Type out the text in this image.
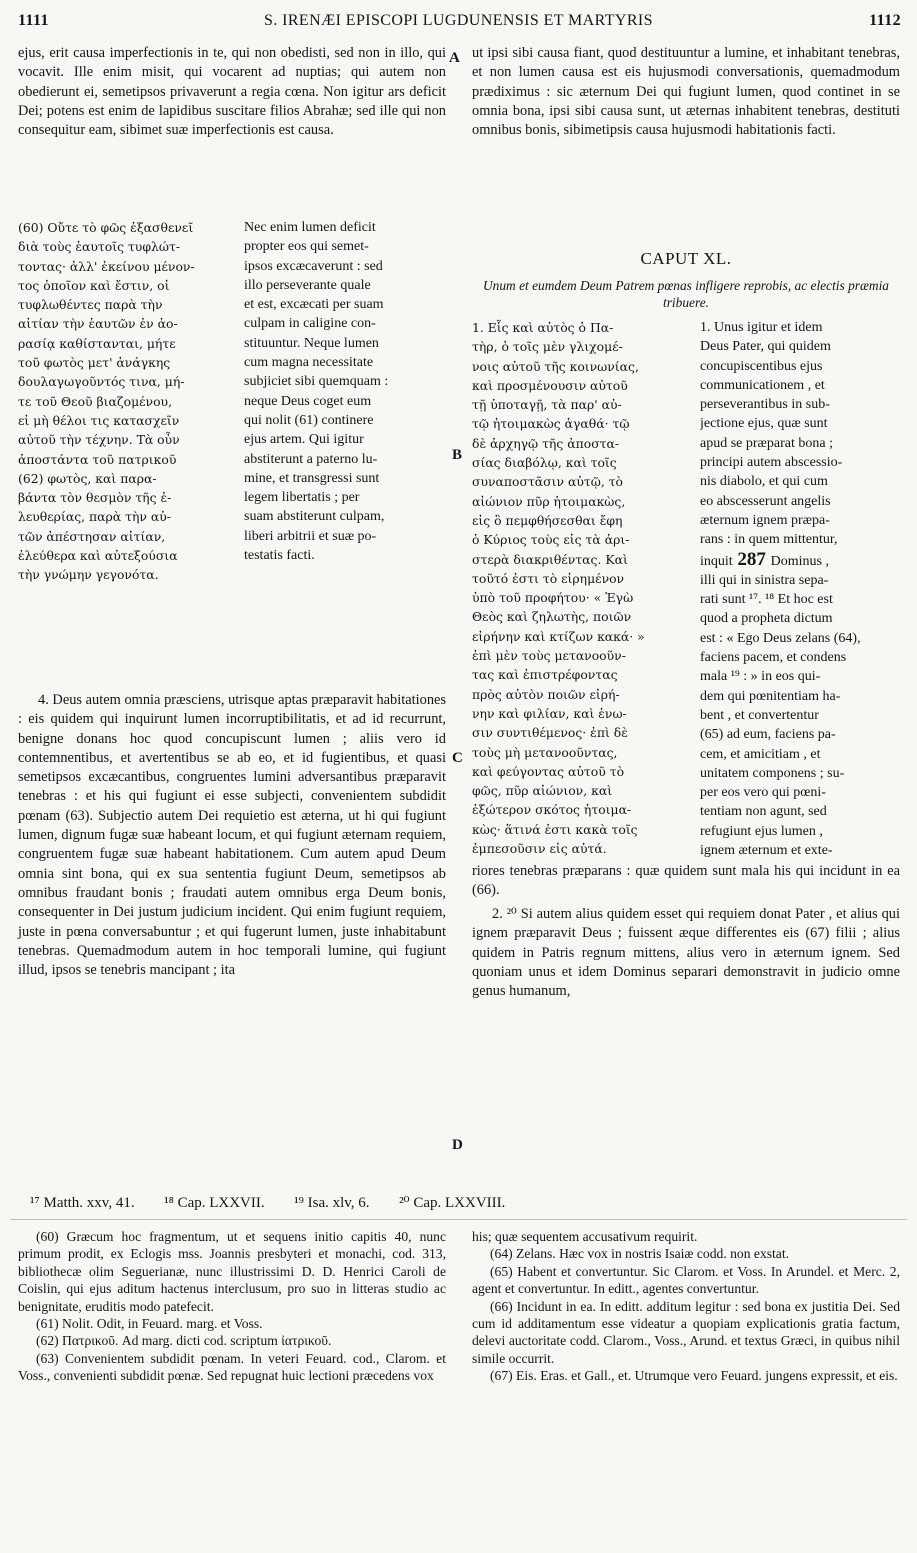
1111	S. IRENÆI EPISCOPI LUGDUNENSIS ET MARTYRIS	1112
A
B
C
D

ejus, erit causa imperfectionis in te, qui non obedisti, sed non in illo, qui vocavit. Ille enim misit, qui vocarent ad nuptias; qui autem non obedierunt ei, semetipsos privaverunt a regia cœna. Non igitur ars deficit Dei; potens est enim de lapidibus suscitare filios Abrahæ; sed ille qui non consequitur eam, sibimet suæ imperfectionis est causa.

(60) Οὔτε τὸ φῶς ἐξασθενεῖ
διὰ τοὺς ἑαυτοῖς τυφλώτ-
τοντας· ἀλλ' ἐκείνου μένον-
τος ὁποῖον καὶ ἔστιν, οἱ
τυφλωθέντες παρὰ τὴν
αἰτίαν τὴν ἑαυτῶν ἐν ἀο-
ρασίᾳ καθίστανται, μήτε
τοῦ φωτὸς μετ' ἀνάγκης
δουλαγωγοῦντός τινα, μή-
τε τοῦ Θεοῦ βιαζομένου,
εἰ μὴ θέλοι τις κατασχεῖν
αὐτοῦ τὴν τέχνην. Τὰ οὖν
ἀποστάντα τοῦ πατρικοῦ
(62) φωτὸς, καὶ παρα-
βάντα τὸν θεσμὸν τῆς ἐ-
λευθερίας, παρὰ τὴν αὐ-
τῶν ἀπέστησαν αἰτίαν,
ἐλεύθερα καὶ αὐτεξούσια
τὴν γνώμην γεγονότα.
Nec enim lumen deficit
propter eos qui semet-
ipsos excæcaverunt : sed
illo perseverante quale
et est, excæcati per suam
culpam in caligine con-
stituuntur. Neque lumen
cum magna necessitate
subjiciet sibi quemquam :
neque Deus coget eum
qui nolit (61) continere
ejus artem. Qui igitur
abstiterunt a paterno lu-
mine, et transgressi sunt
legem libertatis ; per
suam abstiterunt culpam,
liberi arbitrii et suæ po-
testatis facti.

4. Deus autem omnia præsciens, utrisque aptas præparavit habitationes : eis quidem qui inquirunt lumen incorruptibilitatis, et ad id recurrunt, benigne donans hoc quod concupiscunt lumen ; aliis vero id contemnentibus, et avertentibus se ab eo, et id fugientibus, et quasi semetipsos excæcantibus, congruentes lumini adversantibus præparavit tenebras : et his qui fugiunt ei esse subjecti, convenientem subdidit pœnam (63). Subjectio autem Dei requietio est æterna, ut hi qui fugiunt lumen, dignum fugæ suæ habeant locum, et qui fugiunt æternam requiem, congruentem fugæ suæ habeant habitationem. Cum autem apud Deum omnia sint bona, qui ex sua sententia fugiunt Deum, semetipsos ab omnibus fraudant bonis ; fraudati autem omnibus erga Deum bonis, consequenter in Dei justum judicium incident. Qui enim fugiunt requiem, juste in pœna conversabuntur ; et qui fugerunt lumen, juste inhabitabunt tenebras. Quemadmodum autem in hoc temporali lumine, qui fugiunt illud, ipsos se tenebris mancipant ; ita

ut ipsi sibi causa fiant, quod destituuntur a lumine, et inhabitant tenebras, et non lumen causa est eis hujusmodi conversationis, quemadmodum prædiximus : sic æternum Dei qui fugiunt lumen, quod continet in se omnia bona, ipsi sibi causa sunt, ut æternas inhabitent tenebras, destituti omnibus bonis, sibimetipsis causa hujusmodi habitationis facti.

CAPUT XL.
Unum et eumdem Deum Patrem pœnas infligere reprobis, ac electis præmia tribuere.
1. Εἷς καὶ αὐτὸς ὁ Πα-
τὴρ, ὁ τοῖς μὲν γλιχομέ-
νοις αὐτοῦ τῆς κοινωνίας,
καὶ προσμένουσιν αὐτοῦ
τῇ ὑποταγῇ, τὰ παρ' αὐ-
τῷ ἡτοιμακὼς ἀγαθά· τῷ
δὲ ἀρχηγῷ τῆς ἀποστα-
σίας διαβόλῳ, καὶ τοῖς
συναποστᾶσιν αὐτῷ, τὸ
αἰώνιον πῦρ ἡτοιμακὼς,
εἰς ὃ πεμφθήσεσθαι ἔφη
ὁ Κύριος τοὺς εἰς τὰ ἀρι-
στερὰ διακριθέντας. Καὶ
τοῦτό ἐστι τὸ εἰρημένον
ὑπὸ τοῦ προφήτου· « Ἐγὼ
Θεὸς καὶ ζηλωτὴς, ποιῶν
εἰρήνην καὶ κτίζων κακά· »
ἐπὶ μὲν τοὺς μετανοοῦν-
τας καὶ ἐπιστρέφοντας
πρὸς αὐτὸν ποιῶν εἰρή-
νην καὶ φιλίαν, καὶ ἑνω-
σιν συντιθέμενος· ἐπὶ δὲ
τοὺς μὴ μετανοοῦντας,
καὶ φεύγοντας αὐτοῦ τὸ
φῶς, πῦρ αἰώνιον, καὶ
ἐξώτερον σκότος ἡτοιμα-
κὼς· ἅτινά ἐστι κακὰ τοῖς
ἐμπεσοῦσιν εἰς αὐτά.
1. Unus igitur et idem
Deus Pater, qui quidem
concupiscentibus ejus
communicationem , et
perseverantibus in sub-
jectione ejus, quæ sunt
apud se præparat bona ;
principi autem abscessio-
nis diabolo, et qui cum
eo abscesserunt angelis
æternum ignem præpa-
rans : in quem mittentur,
inquit 287 Dominus ,
illi qui in sinistra sepa-
rati sunt ¹⁷. ¹⁸ Et hoc est
quod a propheta dictum
est : « Ego Deus zelans (64),
faciens pacem, et condens
mala ¹⁹ : » in eos qui-
dem qui pœnitentiam ha-
bent , et convertentur
(65) ad eum, faciens pa-
cem, et amicitiam , et
unitatem componens ; su-
per eos vero qui pœni-
tentiam non agunt, sed
refugiunt ejus lumen ,
ignem æternum et exte-

riores tenebras præparans : quæ quidem sunt mala his qui incidunt in ea (66).

2. ²⁰ Si autem alius quidem esset qui requiem donat Pater , et alius qui ignem præparavit Deus ; fuissent æque differentes eis (67) filii ; alius quidem in Patris regnum mittens, alius vero in æternum ignem. Sed quoniam unus et idem Dominus separari demonstravit in judicio omne genus humanum,

¹⁷ Matth. xxv, 41. ¹⁸ Cap. LXXVII. ¹⁹ Isa. xlv, 6. ²⁰ Cap. LXXVIII.

(60) Græcum hoc fragmentum, ut et sequens initio capitis 40, nunc primum prodit, ex Eclogis mss. Joannis presbyteri et monachi, cod. 313, bibliothecæ olim Seguerianæ, nunc illustrissimi D. D. Henrici Caroli de Coislin, qui ejus aditum hactenus interclusum, pro suo in litteras studio ac benignitate, eruditis modo patefecit.

(61) Nolit. Odit, in Feuard. marg. et Voss.

(62) Πατρικοῦ. Ad marg. dicti cod. scriptum ἰατρικοῦ.

(63) Convenientem subdidit pœnam. In veteri Feuard. cod., Clarom. et Voss., convenienti subdidit pœnæ. Sed repugnat huic lectioni præcedens vox

his; quæ sequentem accusativum requirit.

(64) Zelans. Hæc vox in nostris Isaiæ codd. non exstat.

(65) Habent et convertuntur. Sic Clarom. et Voss. In Arundel. et Merc. 2, agent et convertuntur. In editt., agentes convertuntur.

(66) Incidunt in ea. In editt. additum legitur : sed bona ex justitia Dei. Sed cum id additamentum esse videatur a quopiam explicationis gratia factum, delevi auctoritate codd. Clarom., Voss., Arund. et textus Græci, in quibus nihil simile occurrit.

(67) Eis. Eras. et Gall., et. Utrumque vero Feuard. jungens expressit, et eis.
